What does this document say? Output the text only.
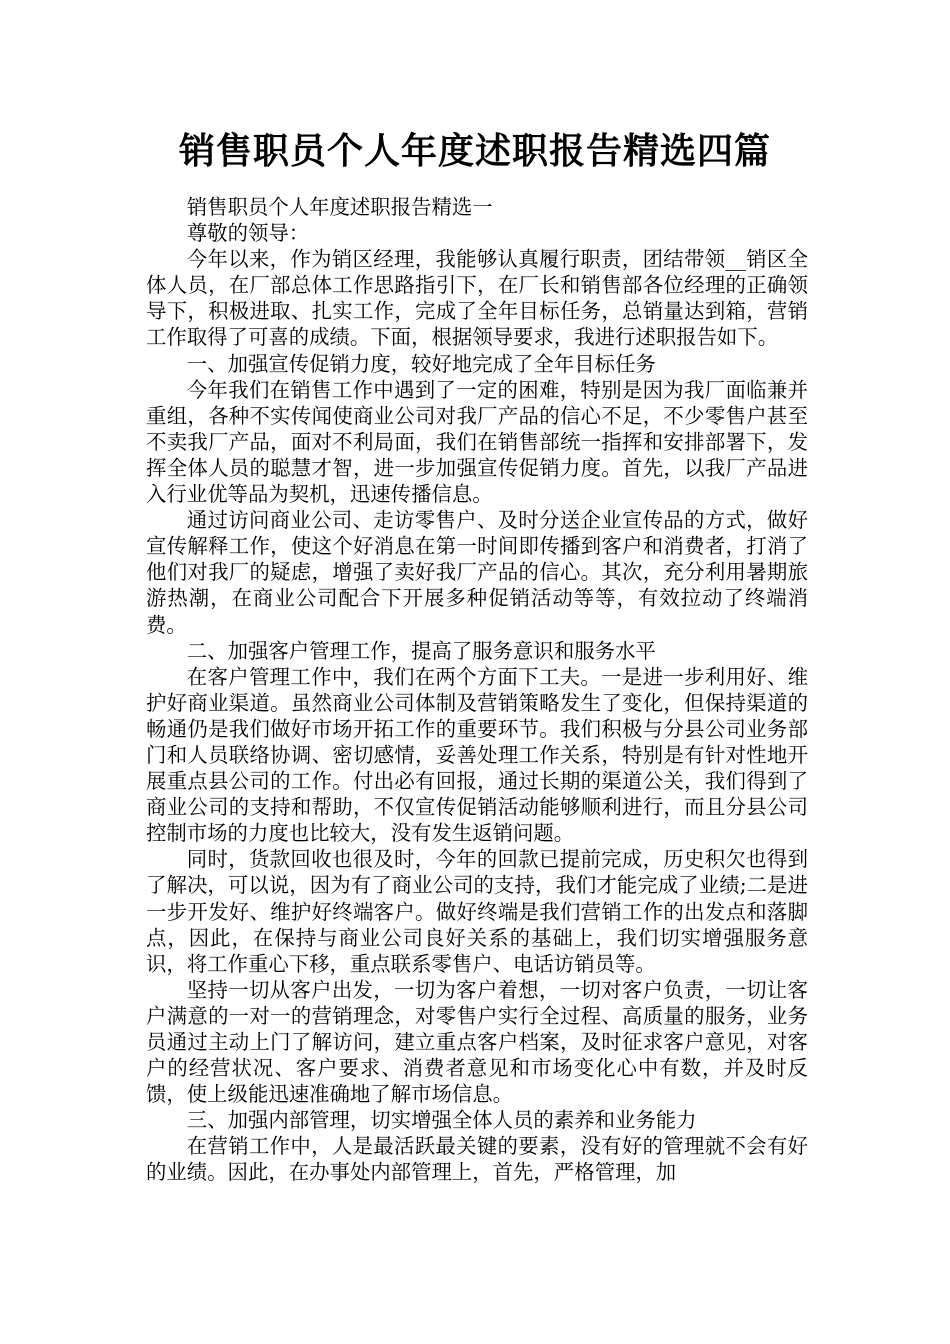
销售职员个人年度述职报告精选四篇

销售职员个人年度述职报告精选一

尊敬的领导：

今年以来，作为销区经理，我能够认真履行职责，团结带领__销区全体人员，在厂部总体工作思路指引下，在厂长和销售部各位经理的正确领导下，积极进取、扎实工作，完成了全年目标任务，总销量达到箱，营销工作取得了可喜的成绩。下面，根据领导要求，我进行述职报告如下。

一、加强宣传促销力度，较好地完成了全年目标任务

今年我们在销售工作中遇到了一定的困难，特别是因为我厂面临兼并重组，各种不实传闻使商业公司对我厂产品的信心不足，不少零售户甚至不卖我厂产品，面对不利局面，我们在销售部统一指挥和安排部署下，发挥全体人员的聪慧才智，进一步加强宣传促销力度。首先，以我厂产品进入行业优等品为契机，迅速传播信息。

通过访问商业公司、走访零售户、及时分送企业宣传品的方式，做好宣传解释工作，使这个好消息在第一时间即传播到客户和消费者，打消了他们对我厂的疑虑，增强了卖好我厂产品的信心。其次，充分利用暑期旅游热潮，在商业公司配合下开展多种促销活动等等，有效拉动了终端消费。

二、加强客户管理工作，提高了服务意识和服务水平

在客户管理工作中，我们在两个方面下工夫。一是进一步利用好、维护好商业渠道。虽然商业公司体制及营销策略发生了变化，但保持渠道的畅通仍是我们做好市场开拓工作的重要环节。我们积极与分县公司业务部门和人员联络协调、密切感情，妥善处理工作关系，特别是有针对性地开展重点县公司的工作。付出必有回报，通过长期的渠道公关，我们得到了商业公司的支持和帮助，不仅宣传促销活动能够顺利进行，而且分县公司控制市场的力度也比较大，没有发生返销问题。

同时，货款回收也很及时，今年的回款已提前完成，历史积欠也得到了解决，可以说，因为有了商业公司的支持，我们才能完成了业绩;二是进一步开发好、维护好终端客户。做好终端是我们营销工作的出发点和落脚点，因此，在保持与商业公司良好关系的基础上，我们切实增强服务意识，将工作重心下移，重点联系零售户、电话访销员等。

坚持一切从客户出发，一切为客户着想，一切对客户负责，一切让客户满意的一对一的营销理念，对零售户实行全过程、高质量的服务，业务员通过主动上门了解访问，建立重点客户档案，及时征求客户意见，对客户的经营状况、客户要求、消费者意见和市场变化心中有数，并及时反馈，使上级能迅速准确地了解市场信息。

三、加强内部管理，切实增强全体人员的素养和业务能力

在营销工作中，人是最活跃最关键的要素，没有好的管理就不会有好的业绩。因此，在办事处内部管理上，首先，严格管理，加
